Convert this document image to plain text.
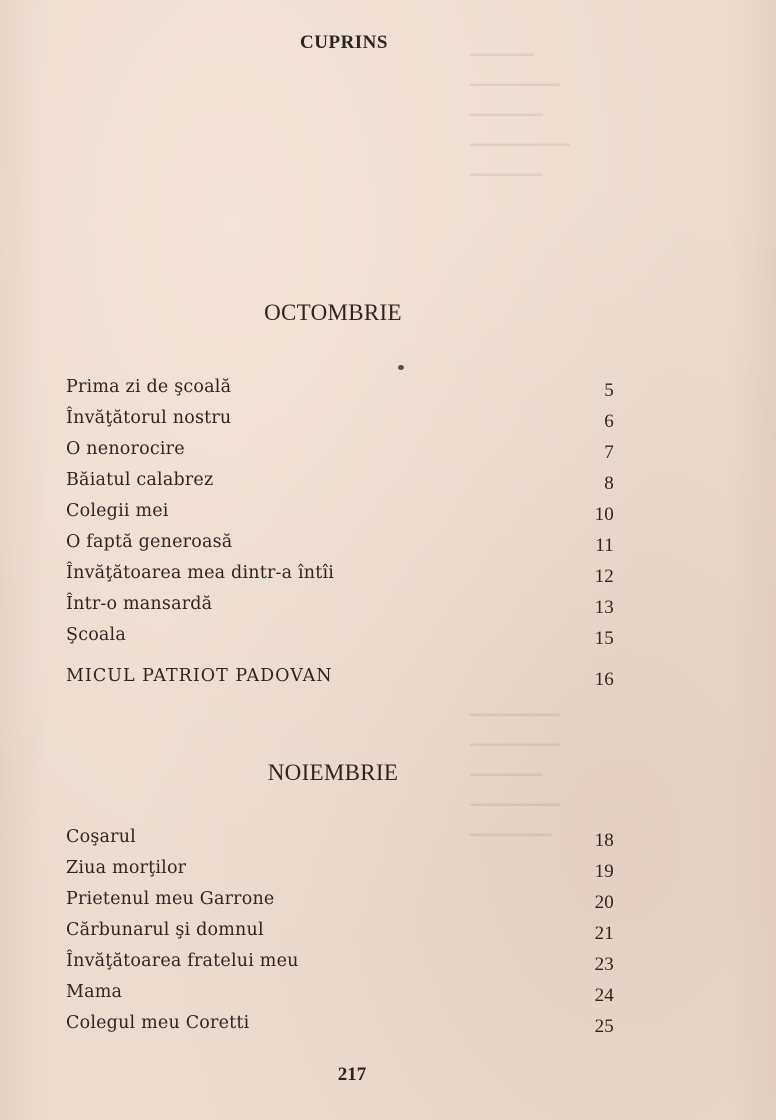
━━━━━━━
━━━━━━━━━━
━━━━━━━━
━━━━━━━━━━━
━━━━━━━━
━━━━━━━━━━
━━━━━━━━━━
━━━━━━━━
━━━━━━━━━━
━━━━━━━━━
CUPRINS
OCTOMBRIE
Prima zi de şcoală	5
Învăţătorul nostru	6
O nenorocire	7
Băiatul calabrez	8
Colegii mei	10
O faptă generoasă	11
Învăţătoarea mea dintr-a întîi	12
Într-o mansardă	13
Şcoala	15
MICUL PATRIOT PADOVAN	16
NOIEMBRIE
Coşarul	18
Ziua morţilor	19
Prietenul meu Garrone	20
Cărbunarul şi domnul	21
Învăţătoarea fratelui meu	23
Mama	24
Colegul meu Coretti	25
217
